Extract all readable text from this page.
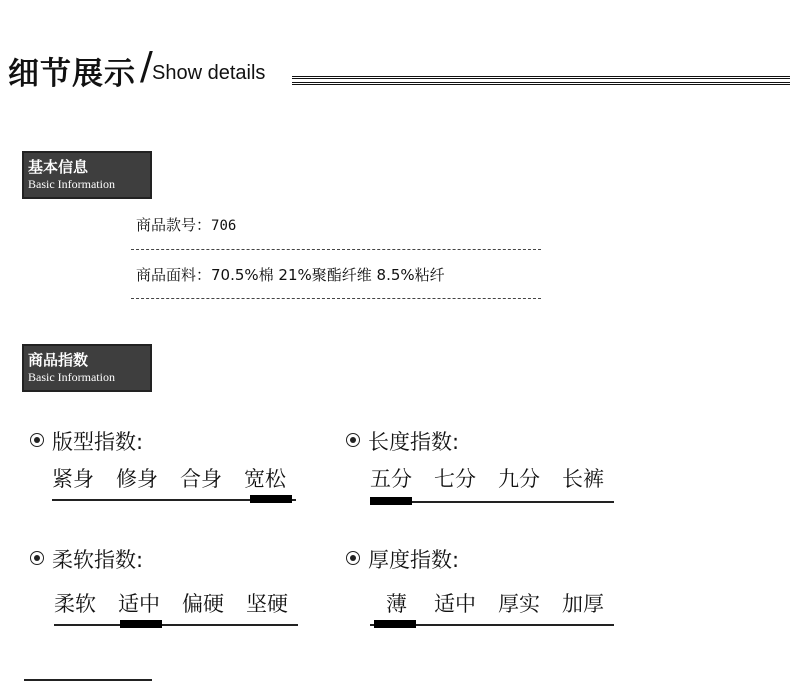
细节展示 / Show details
基本信息
Basic Information
商品款号：706
商品面料：70.5%棉 21%聚酯纤维 8.5%粘纤
商品指数
Basic Information
版型指数:
紧身 修身 合身 宽松
长度指数:
五分 七分 九分 长裤
柔软指数:
柔软 适中 偏硬 坚硬
厚度指数:
薄 适中 厚实 加厚
